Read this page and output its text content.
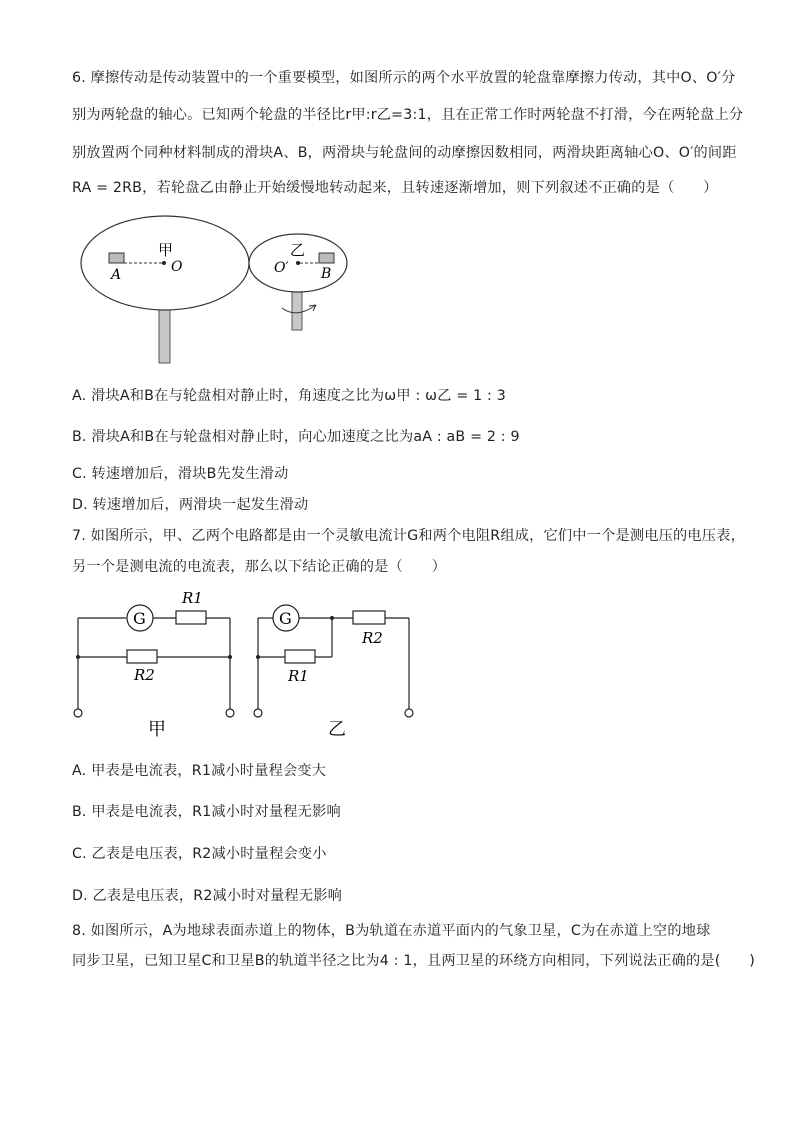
6. 摩擦传动是传动装置中的一个重要模型，如图所示的两个水平放置的轮盘靠摩擦力传动，其中O、O′分
别为两轮盘的轴心。已知两个轮盘的半径比r甲:r乙=3:1，且在正常工作时两轮盘不打滑，今在两轮盘上分
别放置两个同种材料制成的滑块A、B，两滑块与轮盘间的动摩擦因数相同，两滑块距离轴心O、O′的间距
RA = 2RB，若轮盘乙由静止开始缓慢地转动起来，且转速逐渐增加，则下列叙述不正确的是（　　）
甲
A	O
乙
O′ B
A. 滑块A和B在与轮盘相对静止时，角速度之比为ω甲 : ω乙 = 1 : 3
B. 滑块A和B在与轮盘相对静止时，向心加速度之比为aA : aB = 2 : 9
C. 转速增加后，滑块B先发生滑动
D. 转速增加后，两滑块一起发生滑动
7. 如图所示，甲、乙两个电路都是由一个灵敏电流计G和两个电阻R组成，它们中一个是测电压的电压表，
另一个是测电流的电流表，那么以下结论正确的是（　　）
G
R1
R2
甲
G
R2
R1
乙
A. 甲表是电流表，R1减小时量程会变大
B. 甲表是电流表，R1减小时对量程无影响
C. 乙表是电压表，R2减小时量程会变小
D. 乙表是电压表，R2减小时对量程无影响
8. 如图所示，A为地球表面赤道上的物体，B为轨道在赤道平面内的气象卫星，C为在赤道上空的地球
同步卫星，已知卫星C和卫星B的轨道半径之比为4 : 1，且两卫星的环绕方向相同，下列说法正确的是(　　)
